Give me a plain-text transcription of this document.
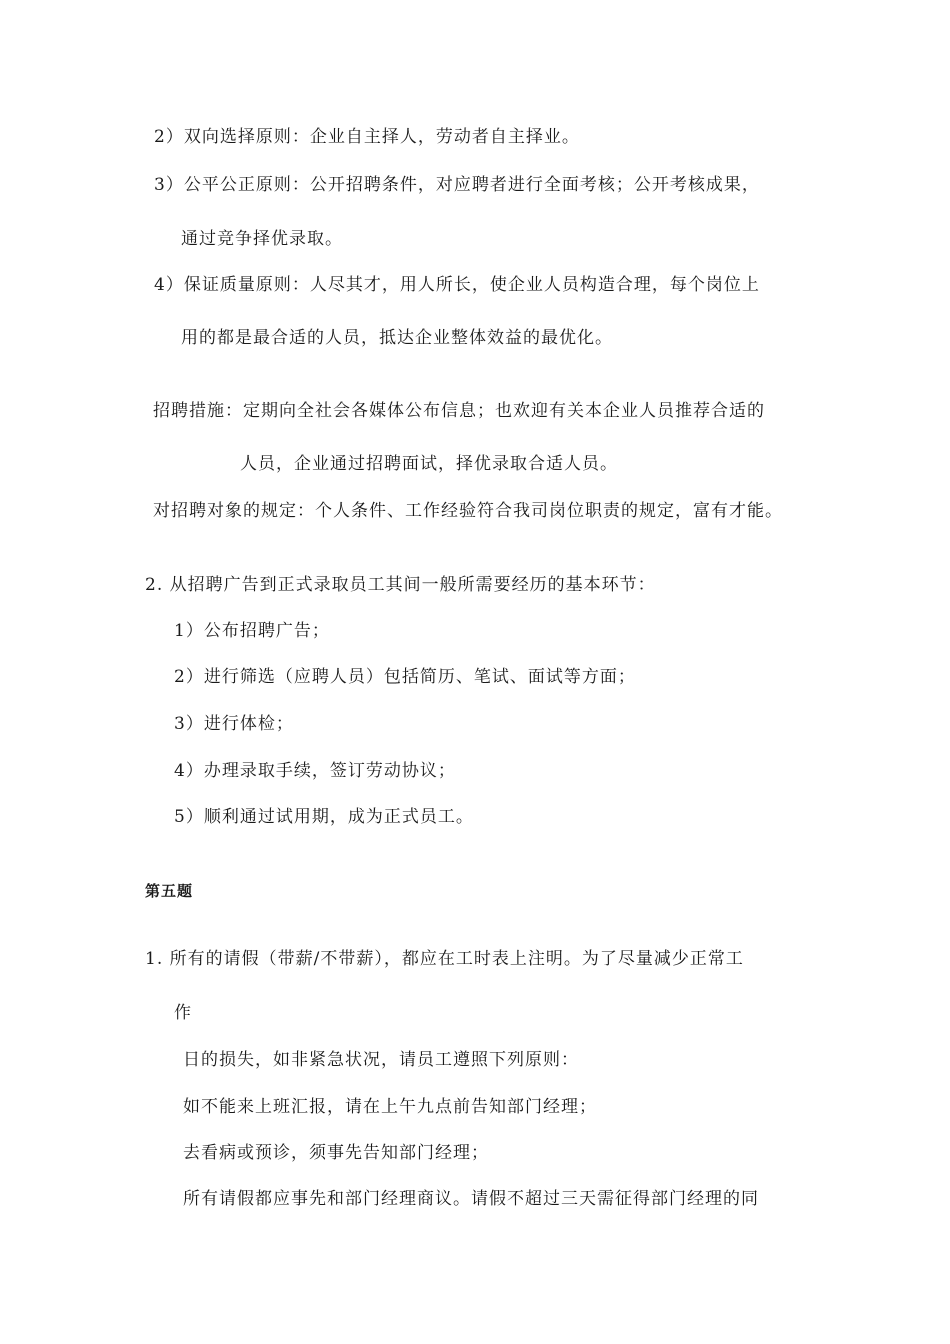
2）双向选择原则：企业自主择人，劳动者自主择业。
3）公平公正原则：公开招聘条件，对应聘者进行全面考核；公开考核成果，
通过竞争择优录取。
4）保证质量原则：人尽其才，用人所长，使企业人员构造合理，每个岗位上
用的都是最合适的人员，抵达企业整体效益的最优化。
招聘措施：定期向全社会各媒体公布信息；也欢迎有关本企业人员推荐合适的
人员，企业通过招聘面试，择优录取合适人员。
对招聘对象的规定：个人条件、工作经验符合我司岗位职责的规定，富有才能。
2. 从招聘广告到正式录取员工其间一般所需要经历的基本环节：
1）公布招聘广告；
2）进行筛选（应聘人员）包括简历、笔试、面试等方面；
3）进行体检；
4）办理录取手续，签订劳动协议；
5）顺利通过试用期，成为正式员工。
第五题
1. 所有的请假（带薪/不带薪），都应在工时表上注明。为了尽量减少正常工
作
日的损失，如非紧急状况，请员工遵照下列原则：
如不能来上班汇报，请在上午九点前告知部门经理；
去看病或预诊，须事先告知部门经理；
所有请假都应事先和部门经理商议。请假不超过三天需征得部门经理的同
